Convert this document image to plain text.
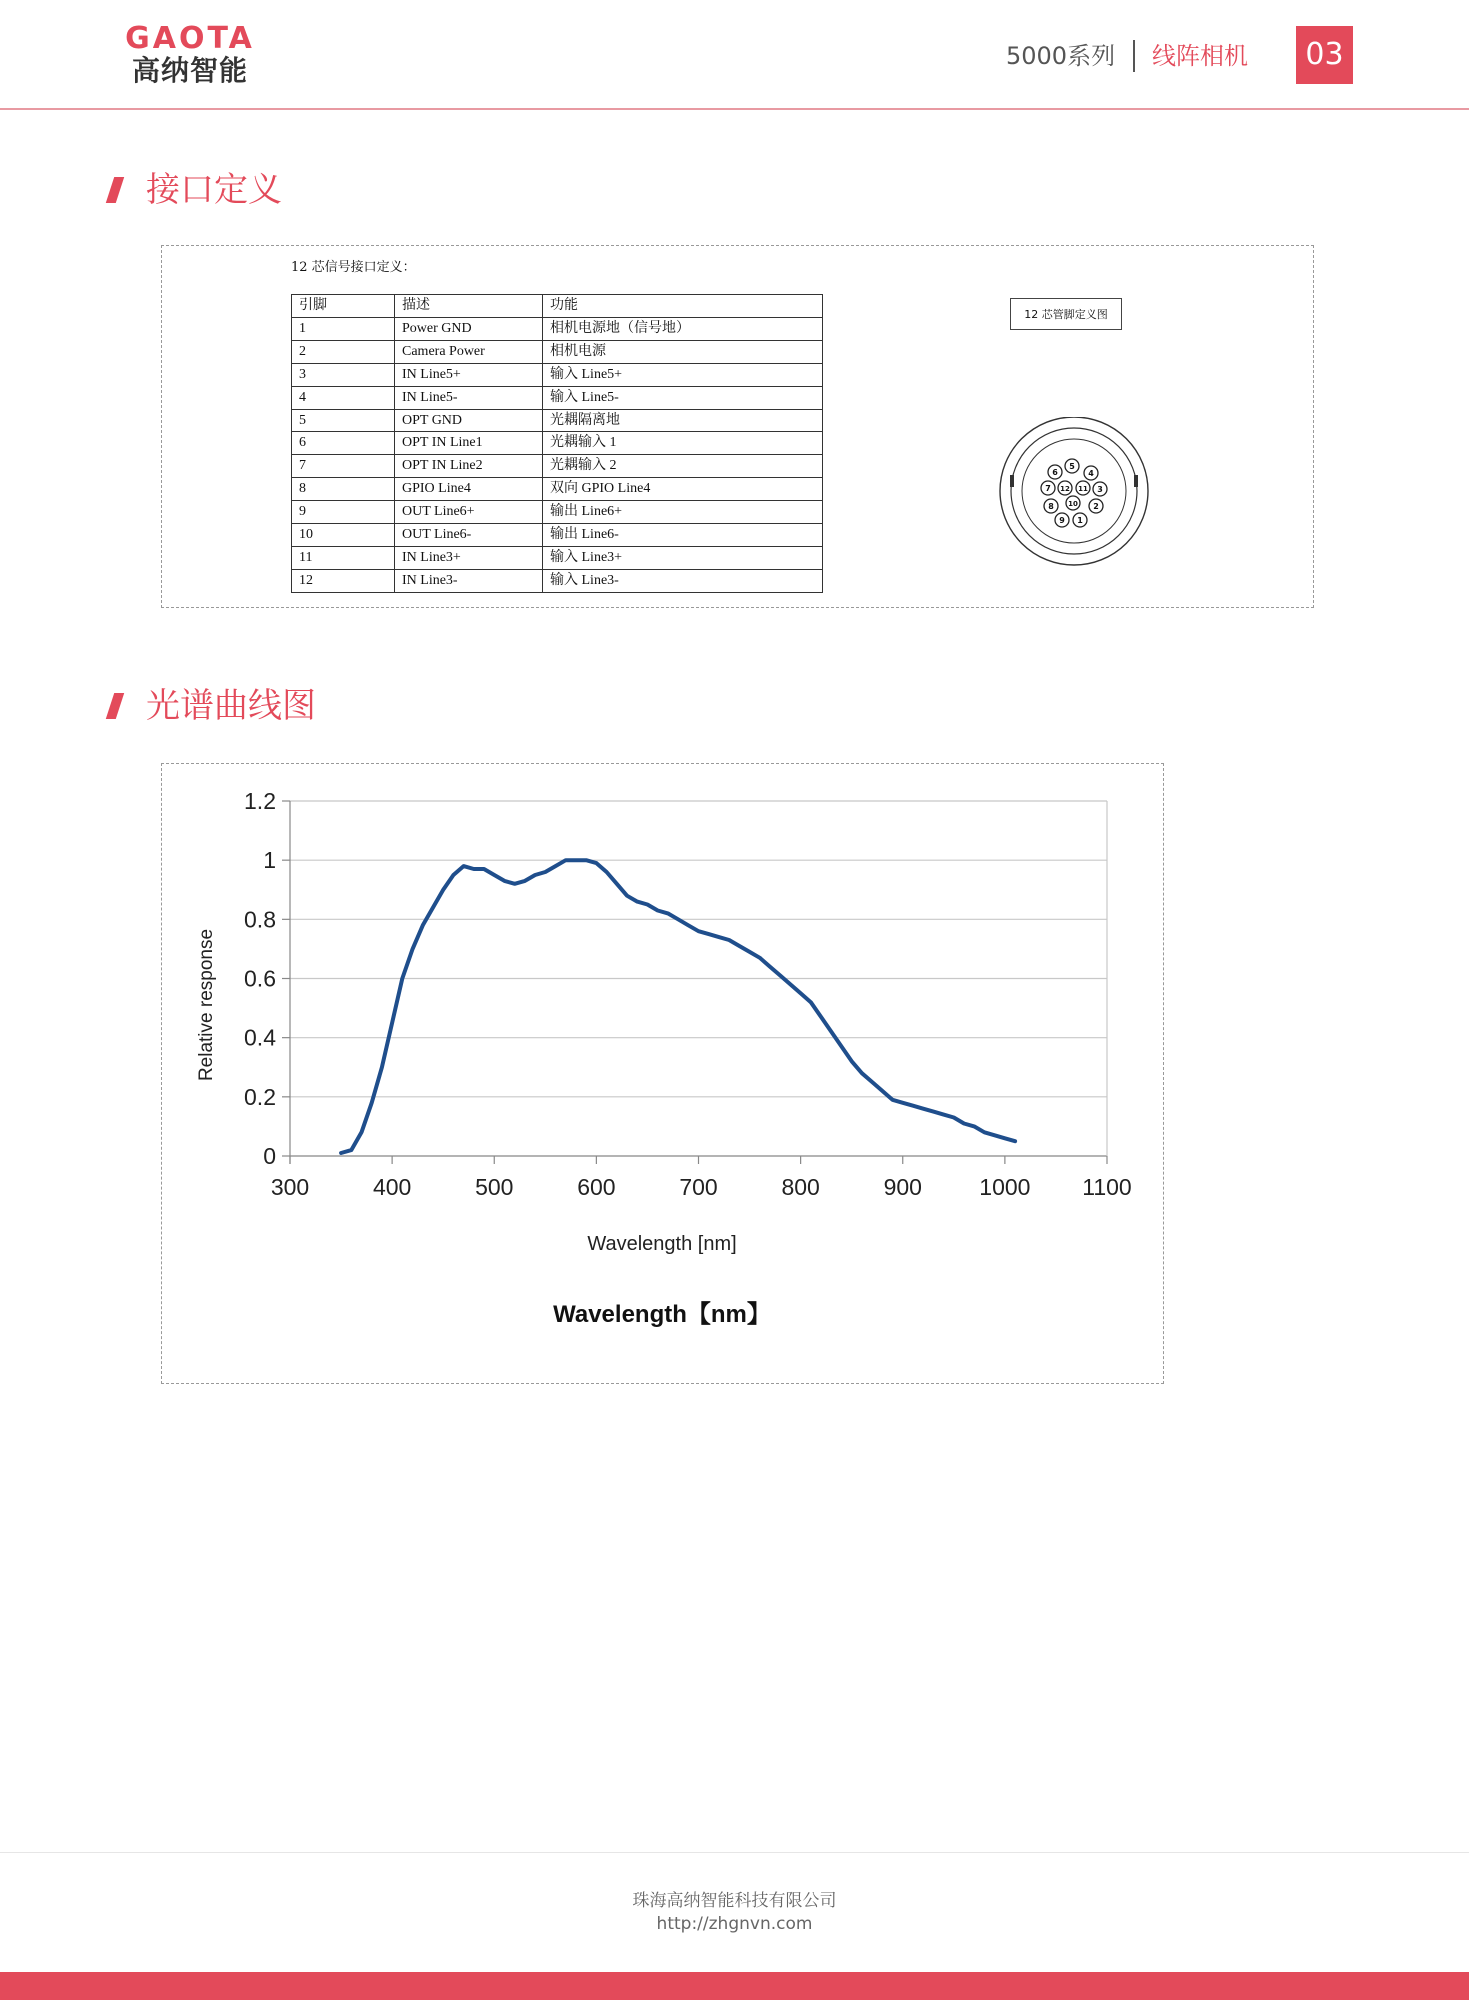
GAOTA
高纳智能	5000系列 线阵相机	03
接口定义
12 芯信号接口定义：
引脚	描述	功能
1	Power GND	相机电源地（信号地）
2	Camera Power	相机电源
3	IN Line5+	输入 Line5+
4	IN Line5-	输入 Line5-
5	OPT GND	光耦隔离地
6	OPT IN Line1	光耦输入 1
7	OPT IN Line2	光耦输入 2
8	GPIO Line4	双向 GPIO Line4
9	OUT Line6+	输出 Line6+
10	OUT Line6-	输出 Line6-
11	IN Line3+	输入 Line3+
12	IN Line3-	输入 Line3-
12 芯管脚定义图
1
2
3
4
5
6
7
8
9
10
11
12
光谱曲线图
0
0.2
0.4
0.6
0.8
1
1.2
300	400	500	600	700	800	900 1000 1100
Wavelength [nm]
Relative response
Wavelength【nm】
珠海高纳智能科技有限公司
http://zhgnvn.com
